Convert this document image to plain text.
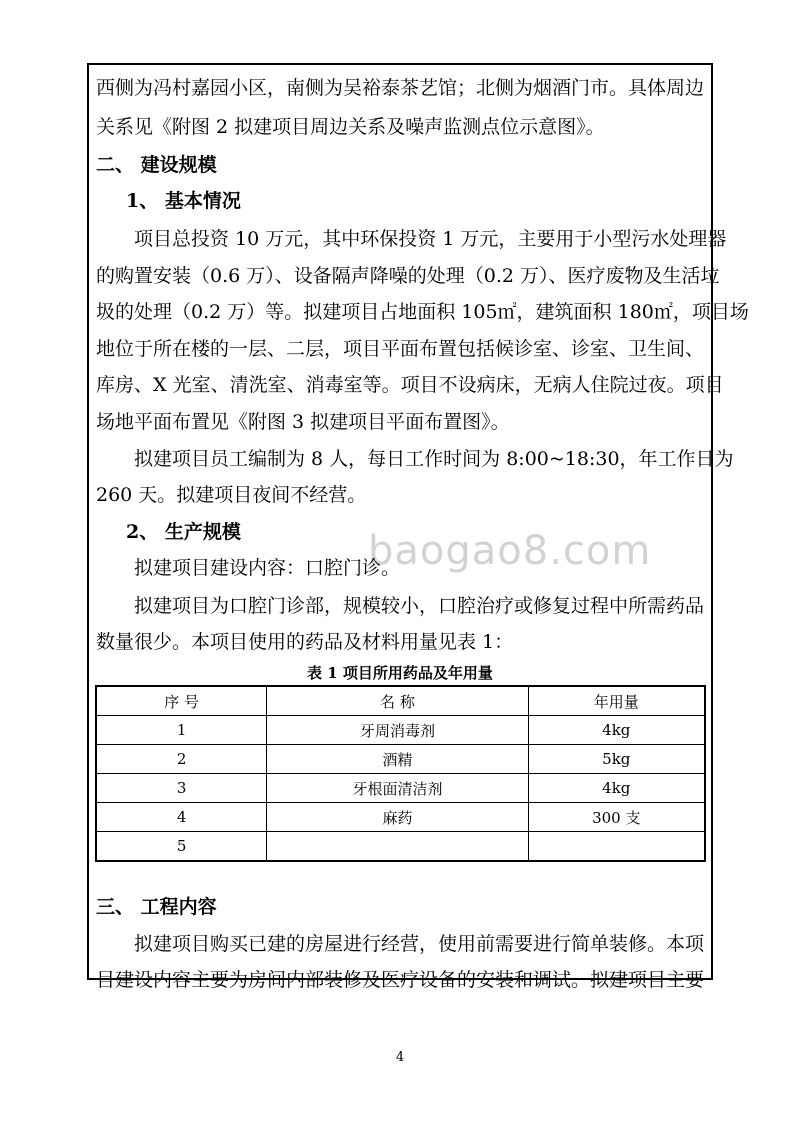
西侧为冯村嘉园小区，南侧为吴裕泰茶艺馆；北侧为烟酒门市。具体周边
关系见《附图 2 拟建项目周边关系及噪声监测点位示意图》。
二、 建设规模
1、 基本情况
项目总投资 10 万元，其中环保投资 1 万元，主要用于小型污水处理器
的购置安装（0.6 万）、设备隔声降噪的处理（0.2 万）、医疗废物及生活垃
圾的处理（0.2 万）等。拟建项目占地面积 105㎡，建筑面积 180㎡，项目场
地位于所在楼的一层、二层，项目平面布置包括候诊室、诊室、卫生间、
库房、X 光室、清洗室、消毒室等。项目不设病床，无病人住院过夜。项目
场地平面布置见《附图 3 拟建项目平面布置图》。
拟建项目员工编制为 8 人，每日工作时间为 8:00~18:30，年工作日为
260 天。拟建项目夜间不经营。
2、 生产规模	baogao8.com
拟建项目建设内容：口腔门诊。
拟建项目为口腔门诊部，规模较小，口腔治疗或修复过程中所需药品
数量很少。本项目使用的药品及材料用量见表 1：
表 1 项目所用药品及年用量
序 号	名 称	年用量
1	牙周消毒剂	4kg
2	酒精	5kg
3	牙根面清洁剂	4kg
4	麻药	300 支
5		
三、 工程内容
拟建项目购买已建的房屋进行经营，使用前需要进行简单装修。本项
目建设内容主要为房间内部装修及医疗设备的安装和调试。拟建项目主要
4
